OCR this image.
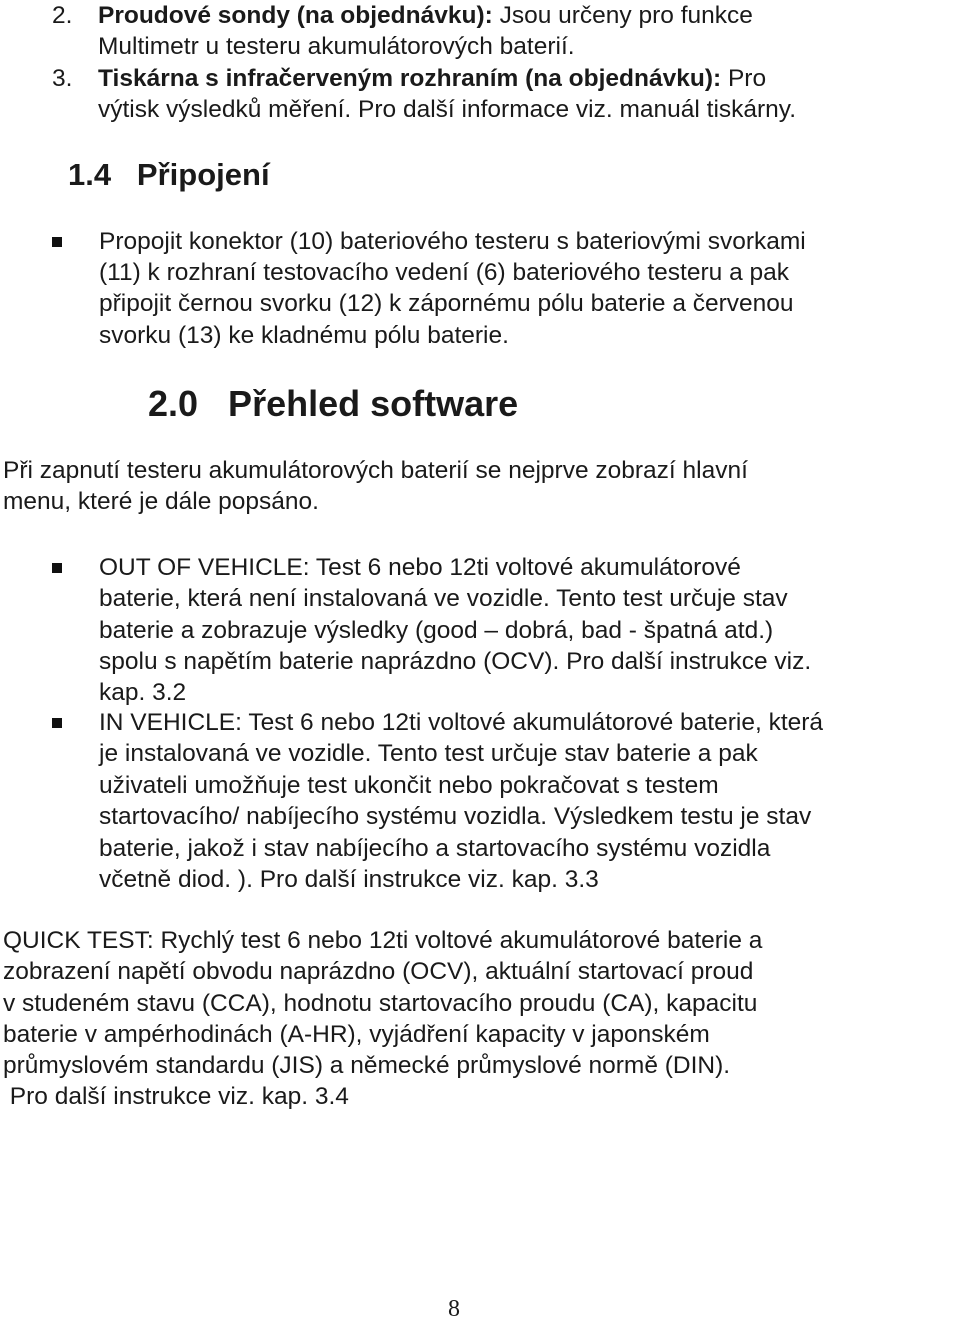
2. Proudové sondy (na objednávku): Jsou určeny pro funkce
Multimetr u testeru akumulátorových baterií.
3. Tiskárna s infračerveným rozhraním (na objednávku): Pro
výtisk výsledků měření. Pro další informace viz. manuál tiskárny.
1.4   Připojení
Propojit konektor (10) bateriového testeru s bateriovými svorkami
(11) k rozhraní testovacího vedení (6) bateriového testeru a pak
připojit černou svorku (12) k zápornému pólu baterie a červenou
svorku (13) ke kladnému pólu baterie.
2.0   Přehled software
Při zapnutí testeru akumulátorových baterií se nejprve zobrazí hlavní
menu, které je dále popsáno.
OUT OF VEHICLE: Test 6 nebo 12ti voltové akumulátorové
baterie, která není instalovaná ve vozidle. Tento test určuje stav
baterie a zobrazuje výsledky (good – dobrá, bad - špatná atd.)
spolu s napětím baterie naprázdno (OCV). Pro další instrukce viz.
kap. 3.2
IN VEHICLE: Test 6 nebo 12ti voltové akumulátorové baterie, která
je instalovaná ve vozidle. Tento test určuje stav baterie a pak
uživateli umožňuje test ukončit nebo pokračovat s testem
startovacího/ nabíjecího systému vozidla. Výsledkem testu je stav
baterie, jakož i stav nabíjecího a startovacího systému vozidla
včetně diod. ). Pro další instrukce viz. kap. 3.3
QUICK TEST: Rychlý test 6 nebo 12ti voltové akumulátorové baterie a
zobrazení napětí obvodu naprázdno (OCV), aktuální startovací proud
v studeném stavu (CCA), hodnotu startovacího proudu (CA), kapacitu
baterie v ampérhodinách (A-HR), vyjádření kapacity v japonském
průmyslovém standardu (JIS) a německé průmyslové normě (DIN).
Pro další instrukce viz. kap. 3.4
8
